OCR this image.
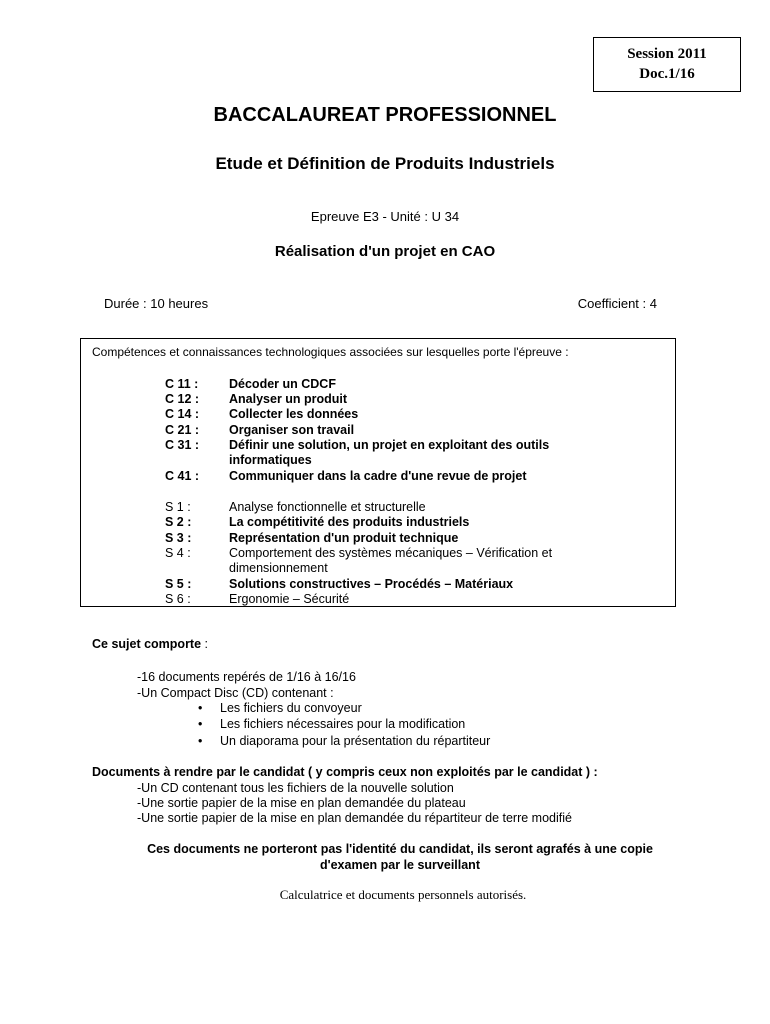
Session 2011
Doc.1/16
BACCALAUREAT PROFESSIONNEL
Etude et Définition de Produits Industriels
Epreuve E3 - Unité : U 34
Réalisation d'un projet en CAO
Durée : 10 heures	Coefficient : 4
Compétences et connaissances technologiques associées sur lesquelles porte l'épreuve :
C 11 : Décoder un CDCF
C 12 : Analyser un produit
C 14 : Collecter les données
C 21 : Organiser son travail
C 31 : Définir une solution, un projet en exploitant des outils informatiques
C 41 : Communiquer dans la cadre d'une revue de projet
S 1 :	Analyse fonctionnelle et structurelle
S 2 :	La compétitivité des produits industriels
S 3 :	Représentation d'un produit technique
S 4 :	Comportement des systèmes mécaniques – Vérification et dimensionnement
S 5 :	Solutions constructives – Procédés – Matériaux
S 6 :	Ergonomie – Sécurité
Ce sujet comporte :
-16 documents repérés de 1/16 à 16/16
-Un Compact Disc (CD) contenant :
• Les fichiers du convoyeur
• Les fichiers nécessaires pour la modification
• Un diaporama pour la présentation du répartiteur
Documents à rendre par le candidat ( y compris ceux non exploités par le candidat ) :
-Un CD contenant tous les fichiers de la nouvelle solution
-Une sortie papier de la mise en plan demandée du plateau
-Une sortie papier de la mise en plan demandée du répartiteur de terre modifié
Ces documents ne porteront pas l'identité du candidat, ils seront agrafés à une copie
d'examen par le surveillant
Calculatrice et documents personnels autorisés.
